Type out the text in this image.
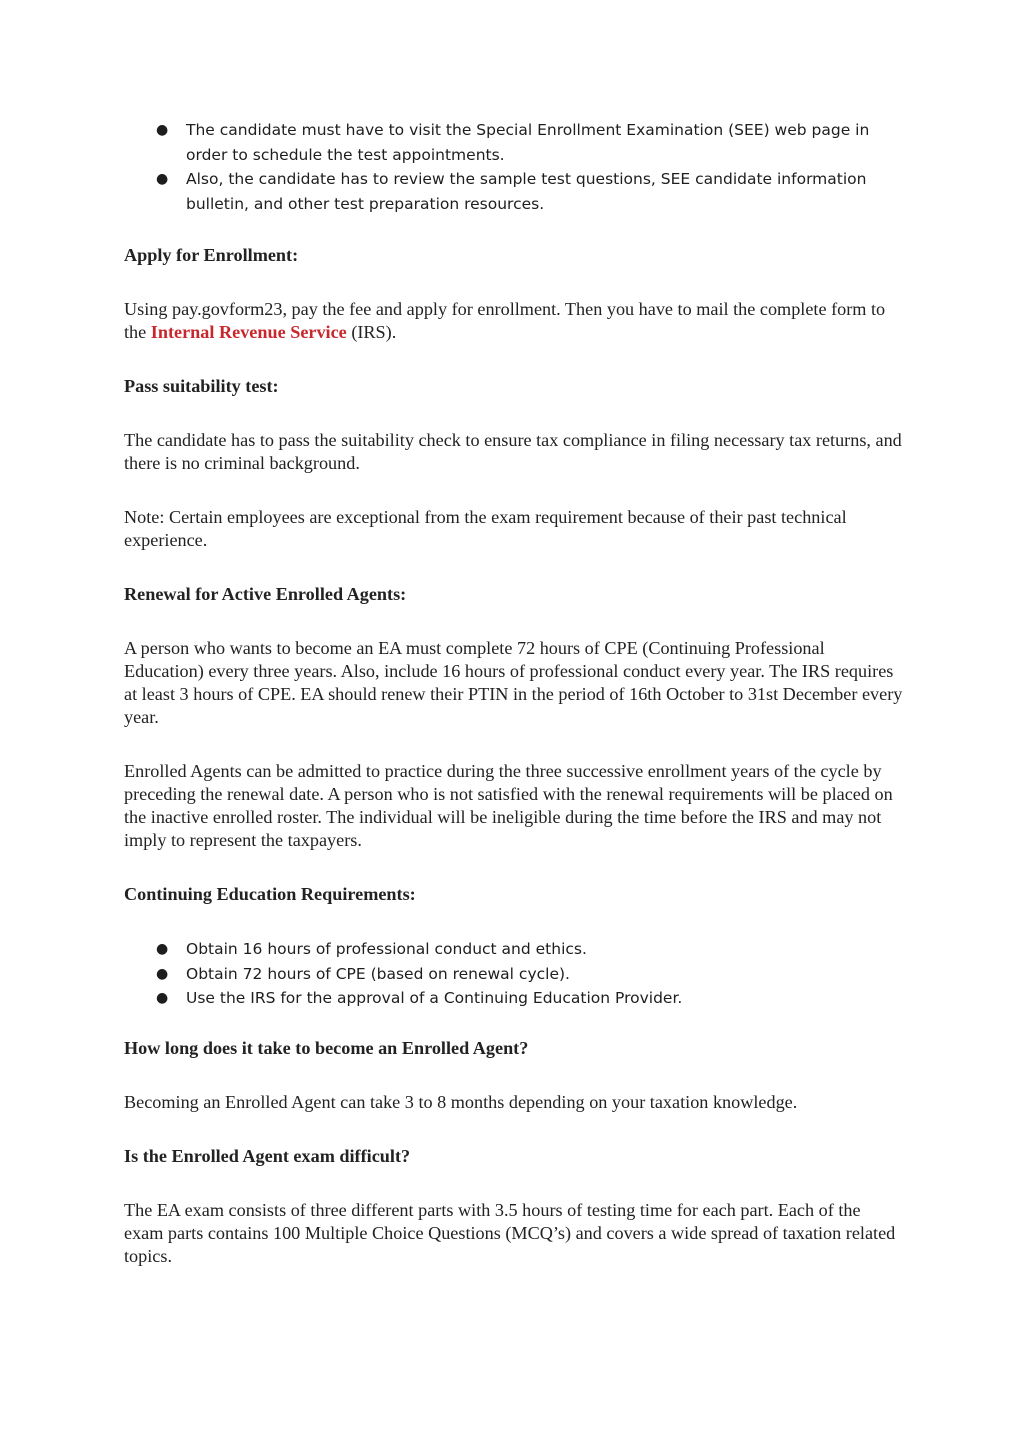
● The candidate must have to visit the Special Enrollment Examination (SEE) web page in order to schedule the test appointments.
● Also, the candidate has to review the sample test questions, SEE candidate information bulletin, and other test preparation resources.
Apply for Enrollment:

Using pay.govform23, pay the fee and apply for enrollment. Then you have to mail the complete form to the Internal Revenue Service (IRS).

Pass suitability test:

The candidate has to pass the suitability check to ensure tax compliance in filing necessary tax returns, and there is no criminal background.

Note: Certain employees are exceptional from the exam requirement because of their past technical experience.

Renewal for Active Enrolled Agents:

A person who wants to become an EA must complete 72 hours of CPE (Continuing Professional Education) every three years. Also, include 16 hours of professional conduct every year. The IRS requires at least 3 hours of CPE. EA should renew their PTIN in the period of 16th October to 31st December every year.

Enrolled Agents can be admitted to practice during the three successive enrollment years of the cycle by preceding the renewal date. A person who is not satisfied with the renewal requirements will be placed on the inactive enrolled roster. The individual will be ineligible during the time before the IRS and may not imply to represent the taxpayers.

Continuing Education Requirements:
● Obtain 16 hours of professional conduct and ethics.
● Obtain 72 hours of CPE (based on renewal cycle).
● Use the IRS for the approval of a Continuing Education Provider.
How long does it take to become an Enrolled Agent?

Becoming an Enrolled Agent can take 3 to 8 months depending on your taxation knowledge.

Is the Enrolled Agent exam difficult?

The EA exam consists of three different parts with 3.5 hours of testing time for each part. Each of the exam parts contains 100 Multiple Choice Questions (MCQ’s) and covers a wide spread of taxation related topics.
